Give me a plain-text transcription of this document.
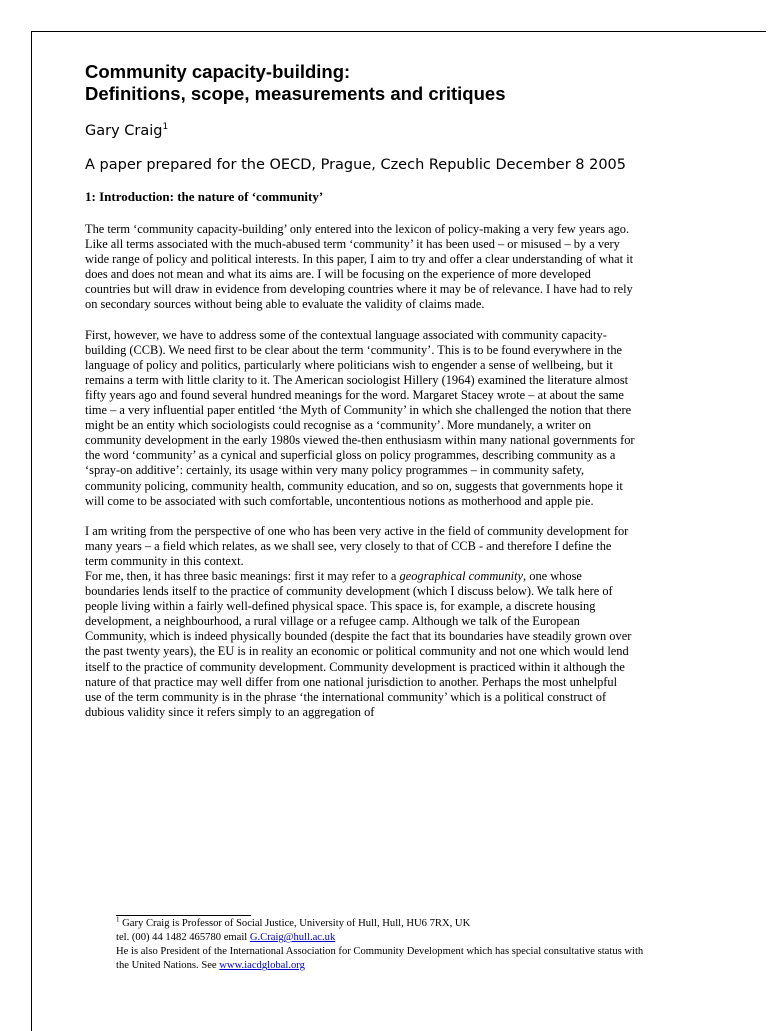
Community capacity-building:
Definitions, scope, measurements and critiques
Gary Craig$^1$
A paper prepared for the OECD, Prague, Czech Republic December 8 2005
1: Introduction: the nature of ‘community’

The term ‘community capacity-building’ only entered into the lexicon of policy-making a very few years ago. Like all terms associated with the much-abused term ‘community’ it has been used – or misused – by a very wide range of policy and political interests. In this paper, I aim to try and offer a clear understanding of what it does and does not mean and what its aims are. I will be focusing on the experience of more developed countries but will draw in evidence from developing countries where it may be of relevance. I have had to rely on secondary sources without being able to evaluate the validity of claims made.

First, however, we have to address some of the contextual language associated with community capacity-building (CCB). We need first to be clear about the term ‘community’. This is to be found everywhere in the language of policy and politics, particularly where politicians wish to engender a sense of wellbeing, but it remains a term with little clarity to it. The American sociologist Hillery (1964) examined the literature almost fifty years ago and found several hundred meanings for the word. Margaret Stacey wrote – at about the same time – a very influential paper entitled ‘the Myth of Community’ in which she challenged the notion that there might be an entity which sociologists could recognise as a ‘community’. More mundanely, a writer on community development in the early 1980s viewed the-then enthusiasm within many national governments for the word ‘community’ as a cynical and superficial gloss on policy programmes, describing community as a ‘spray-on additive’: certainly, its usage within very many policy programmes – in community safety, community policing, community health, community education, and so on, suggests that governments hope it will come to be associated with such comfortable, uncontentious notions as motherhood and apple pie.

I am writing from the perspective of one who has been very active in the field of community development for many years – a field which relates, as we shall see, very closely to that of CCB - and therefore I define the term community in this context.

For me, then, it has three basic meanings: first it may refer to a geographical community, one whose boundaries lends itself to the practice of community development (which I discuss below). We talk here of people living within a fairly well-defined physical space. This space is, for example, a discrete housing development, a neighbourhood, a rural village or a refugee camp. Although we talk of the European Community, which is indeed physically bounded (despite the fact that its boundaries have steadily grown over the past twenty years), the EU is in reality an economic or political community and not one which would lend itself to the practice of community development. Community development is practiced within it although the nature of that practice may well differ from one national jurisdiction to another. Perhaps the most unhelpful use of the term community is in the phrase ‘the international community’ which is a political construct of dubious validity since it refers simply to an aggregation of

$^1$ Gary Craig is Professor of Social Justice, University of Hull, Hull, HU6 7RX, UK
tel. (00) 44 1482 465780 email G.Craig@hull.ac.uk
He is also President of the International Association for Community Development which has special consultative status with the United Nations. See www.iacdglobal.org
